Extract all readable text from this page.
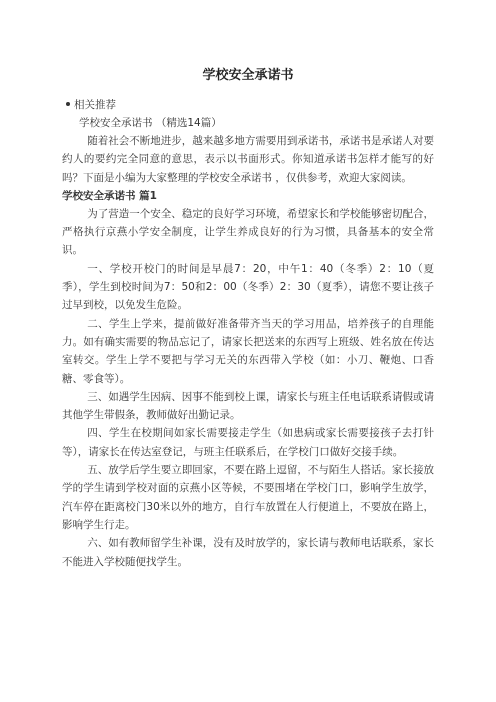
学校安全承诺书
相关推荐
学校安全承诺书 （精选14篇）

随着社会不断地进步，越来越多地方需要用到承诺书，承诺书是承诺人对要约人的要约完全同意的意思，表示以书面形式。你知道承诺书怎样才能写的好吗？下面是小编为大家整理的学校安全承诺书 ，仅供参考，欢迎大家阅读。

学校安全承诺书 篇1

为了营造一个安全、稳定的良好学习环境，希望家长和学校能够密切配合，严格执行京燕小学安全制度，让学生养成良好的行为习惯，具备基本的安全常识。

一、学校开校门的时间是早晨7：20，中午1：40（冬季）2：10（夏季），学生到校时间为7：50和2：00（冬季）2：30（夏季），请您不要让孩子过早到校，以免发生危险。

二、学生上学来，提前做好准备带齐当天的学习用品，培养孩子的自理能力。如有确实需要的物品忘记了，请家长把送来的东西写上班级、姓名放在传达室转交。学生上学不要把与学习无关的东西带入学校（如：小刀、鞭炮、口香糖、零食等）。

三、如遇学生因病、因事不能到校上课，请家长与班主任电话联系请假或请其他学生带假条，教师做好出勤记录。

四、学生在校期间如家长需要接走学生（如患病或家长需要接孩子去打针等），请家长在传达室登记，与班主任联系后，在学校门口做好交接手续。

五、放学后学生要立即回家，不要在路上逗留，不与陌生人搭话。家长接放学的学生请到学校对面的京燕小区等候，不要围堵在学校门口，影响学生放学，汽车停在距离校门30米以外的地方，自行车放置在人行便道上，不要放在路上，影响学生行走。

六、如有教师留学生补课，没有及时放学的，家长请与教师电话联系，家长不能进入学校随便找学生。
